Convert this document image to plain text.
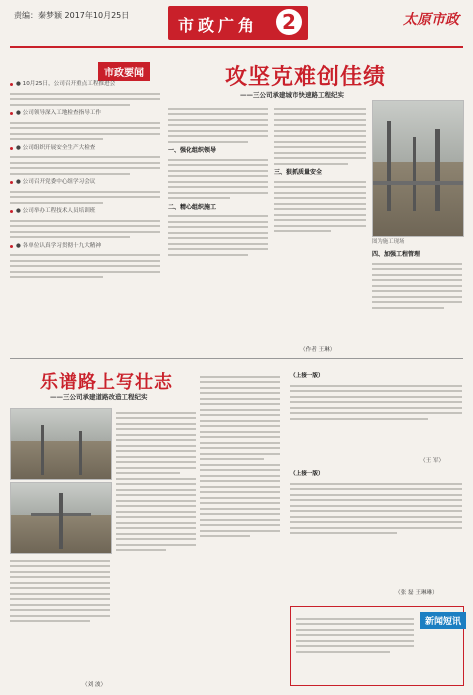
责编：秦梦颖 2017年10月25日
市政广角	2	太原市政
市政要闻
● 10月25日，公司召开重点工程推进会
● 公司领导深入工地检查指导工作
● 公司组织开展安全生产大检查
● 公司召开党委中心组学习会议
● 公司举办工程技术人员培训班
● 各单位认真学习贯彻十九大精神
攻坚克难创佳绩
——三公司承建城市快速路工程纪实
一、强化组织领导
二、精心组织施工
三、狠抓质量安全
图为施工现场
四、加强工程管理
（作者 王琳）
乐谱路上写壮志
——三公司承建道路改造工程纪实
（刘 波）
（上接一版）
（王 军）
（上接一版）
（张 磊 王琳琳）
新闻短讯
